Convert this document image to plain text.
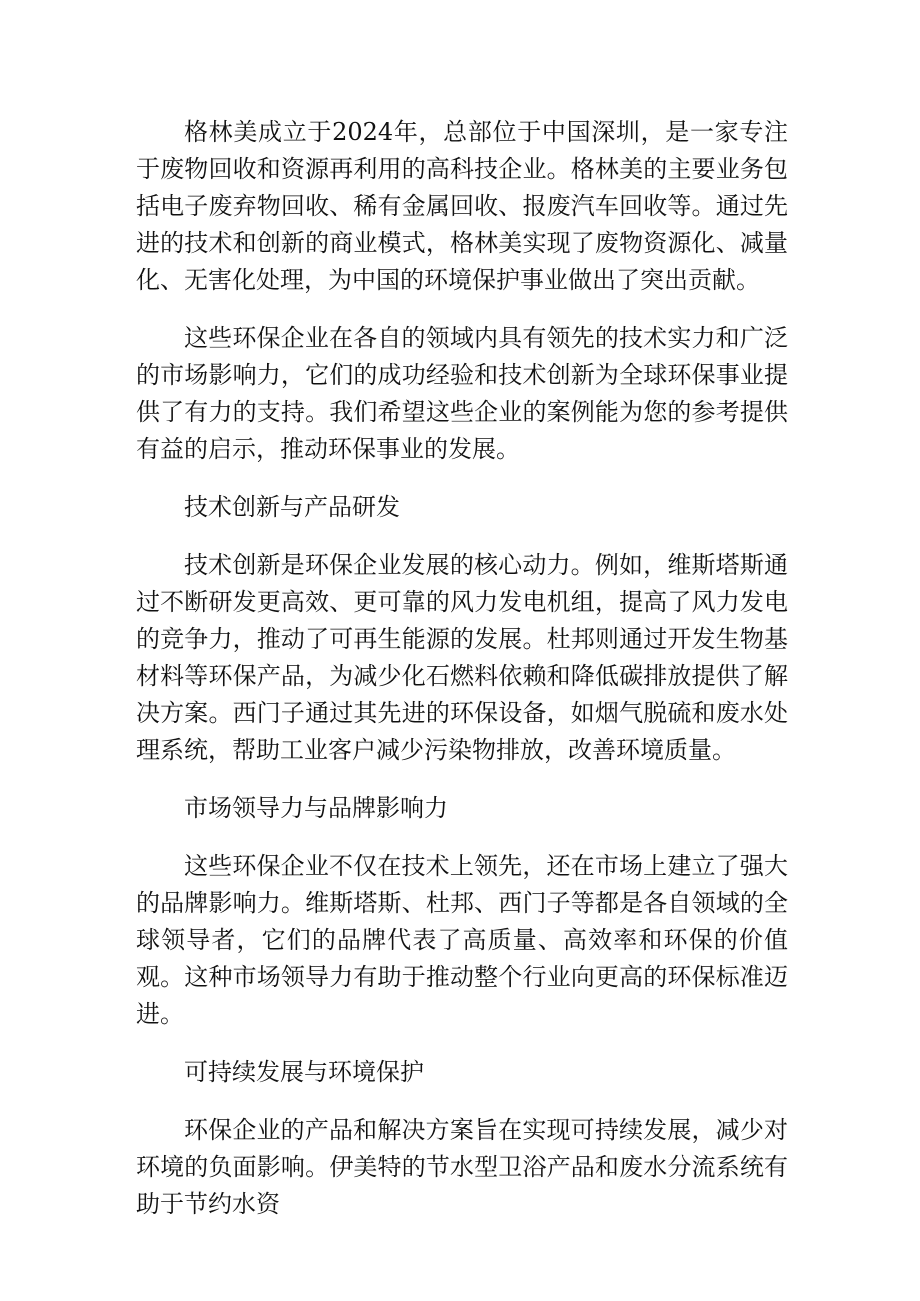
格林美成立于2024年，总部位于中国深圳，是一家专注于废物回收和资源再利用的高科技企业。格林美的主要业务包括电子废弃物回收、稀有金属回收、报废汽车回收等。通过先进的技术和创新的商业模式，格林美实现了废物资源化、减量化、无害化处理，为中国的环境保护事业做出了突出贡献。

这些环保企业在各自的领域内具有领先的技术实力和广泛的市场影响力，它们的成功经验和技术创新为全球环保事业提供了有力的支持。我们希望这些企业的案例能为您的参考提供有益的启示，推动环保事业的发展。

技术创新与产品研发

技术创新是环保企业发展的核心动力。例如，维斯塔斯通过不断研发更高效、更可靠的风力发电机组，提高了风力发电的竞争力，推动了可再生能源的发展。杜邦则通过开发生物基材料等环保产品，为减少化石燃料依赖和降低碳排放提供了解决方案。西门子通过其先进的环保设备，如烟气脱硫和废水处理系统，帮助工业客户减少污染物排放，改善环境质量。

市场领导力与品牌影响力

这些环保企业不仅在技术上领先，还在市场上建立了强大的品牌影响力。维斯塔斯、杜邦、西门子等都是各自领域的全球领导者，它们的品牌代表了高质量、高效率和环保的价值观。这种市场领导力有助于推动整个行业向更高的环保标准迈进。

可持续发展与环境保护

环保企业的产品和解决方案旨在实现可持续发展，减少对环境的负面影响。伊美特的节水型卫浴产品和废水分流系统有助于节约水资
